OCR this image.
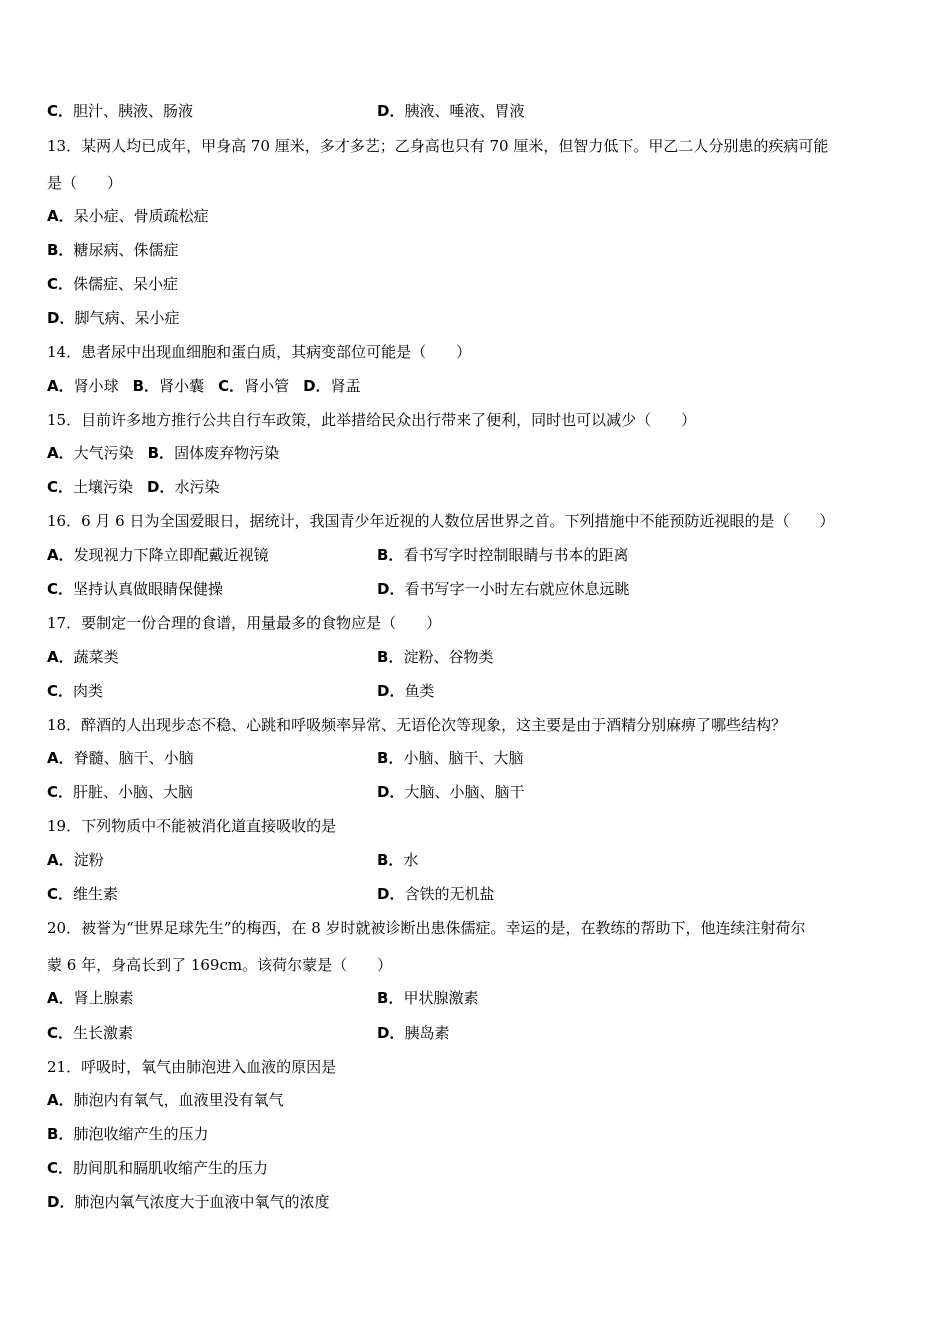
C．胆汁、胰液、肠液	D．胰液、唾液、胃液
13．某两人均已成年，甲身高 70 厘米，多才多艺；乙身高也只有 70 厘米，但智力低下。甲乙二人分别患的疾病可能
是（　　）
A．呆小症、骨质疏松症
B．糖尿病、侏儒症
C．侏儒症、呆小症
D．脚气病、呆小症
14．患者尿中出现血细胞和蛋白质，其病变部位可能是（　　）
A．肾小球 B．肾小囊 C．肾小管 D．肾盂
15．目前许多地方推行公共自行车政策，此举措给民众出行带来了便利，同时也可以减少（　　）
A．大气污染 B．固体废弃物污染
C．土壤污染 D．水污染
16．6 月 6 日为全国爱眼日，据统计，我国青少年近视的人数位居世界之首。下列措施中不能预防近视眼的是（　　）
A．发现视力下降立即配戴近视镜	B．看书写字时控制眼睛与书本的距离
C．坚持认真做眼睛保健操	D．看书写字一小时左右就应休息远眺
17．要制定一份合理的食谱，用量最多的食物应是（　　）
A．蔬菜类	B．淀粉、谷物类
C．肉类	D．鱼类
18．醉酒的人出现步态不稳、心跳和呼吸频率异常、无语伦次等现象，这主要是由于酒精分别麻痹了哪些结构？
A．脊髓、脑干、小脑	B．小脑、脑干、大脑
C．肝脏、小脑、大脑	D．大脑、小脑、脑干
19．下列物质中不能被消化道直接吸收的是
A．淀粉	B．水
C．维生素	D．含铁的无机盐
20．被誉为“世界足球先生”的梅西，在 8 岁时就被诊断出患侏儒症。幸运的是，在教练的帮助下，他连续注射荷尔
蒙 6 年，身高长到了 169cm。该荷尔蒙是（　　）
A．肾上腺素	B．甲状腺激素
C．生长激素	D．胰岛素
21．呼吸时，氧气由肺泡进入血液的原因是
A．肺泡内有氧气，血液里没有氧气
B．肺泡收缩产生的压力
C．肋间肌和膈肌收缩产生的压力
D．肺泡内氧气浓度大于血液中氧气的浓度
